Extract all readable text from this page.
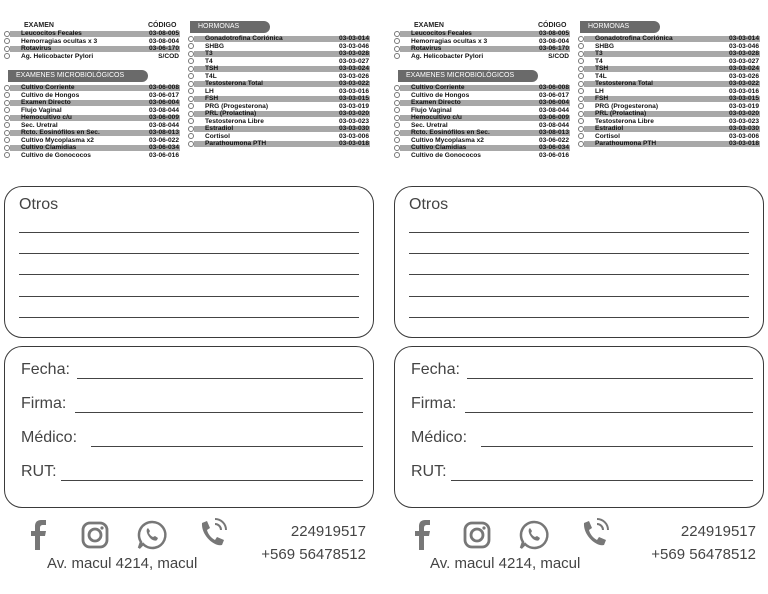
EXAMEN	CÓDIGO
Leucocitos Fecales	03-08-005
Hemorragias ocultas x 3	03-08-004
Rotavirus	03-06-170
Ag. Helicobacter Pylori	S/COD
EXAMENES MICROBIOLÓGICOS
Cultivo Corriente	03-06-008
Cultivo de Hongos	03-06-017
Examen Directo	03-06-004
Flujo Vaginal	03-08-044
Hemocultivo c/u	03-06-009
Sec. Uretral	03-08-044
Rcto. Eosinófilos en Sec.	03-08-013
Cultivo Mycoplasma x2	03-06-022
Cultivo Clamidias	03-06-034
Cultivo de Gonococos	03-06-016
HORMONAS
Gonadotrofina Coriónica	03-03-014
SHBG	03-03-046
T3	03-03-028
T4	03-03-027
TSH	03-03-024
T4L	03-03-026
Testosterona Total	03-03-022
LH	03-03-016
FSH	03-03-015
PRG (Progesterona)	03-03-019
PRL (Prolactina)	03-03-020
Testosterona Libre	03-03-023
Estradiol	03-03-030
Cortisol	03-03-006
Parathoumona PTH	03-03-018
Otros
Fecha:
Firma:
Médico:
RUT:
224919517
+569 56478512
Av. macul 4214, macul
EXAMEN	CÓDIGO
Leucocitos Fecales	03-08-005
Hemorragias ocultas x 3	03-08-004
Rotavirus	03-06-170
Ag. Helicobacter Pylori	S/COD
EXAMENES MICROBIOLÓGICOS
Cultivo Corriente	03-06-008
Cultivo de Hongos	03-06-017
Examen Directo	03-06-004
Flujo Vaginal	03-08-044
Hemocultivo c/u	03-06-009
Sec. Uretral	03-08-044
Rcto. Eosinófilos en Sec.	03-08-013
Cultivo Mycoplasma x2	03-06-022
Cultivo Clamidias	03-06-034
Cultivo de Gonococos	03-06-016
HORMONAS
Gonadotrofina Coriónica	03-03-014
SHBG	03-03-046
T3	03-03-028
T4	03-03-027
TSH	03-03-024
T4L	03-03-026
Testosterona Total	03-03-022
LH	03-03-016
FSH	03-03-015
PRG (Progesterona)	03-03-019
PRL (Prolactina)	03-03-020
Testosterona Libre	03-03-023
Estradiol	03-03-030
Cortisol	03-03-006
Parathoumona PTH	03-03-018
Otros
Fecha:
Firma:
Médico:
RUT:
224919517
+569 56478512
Av. macul 4214, macul
